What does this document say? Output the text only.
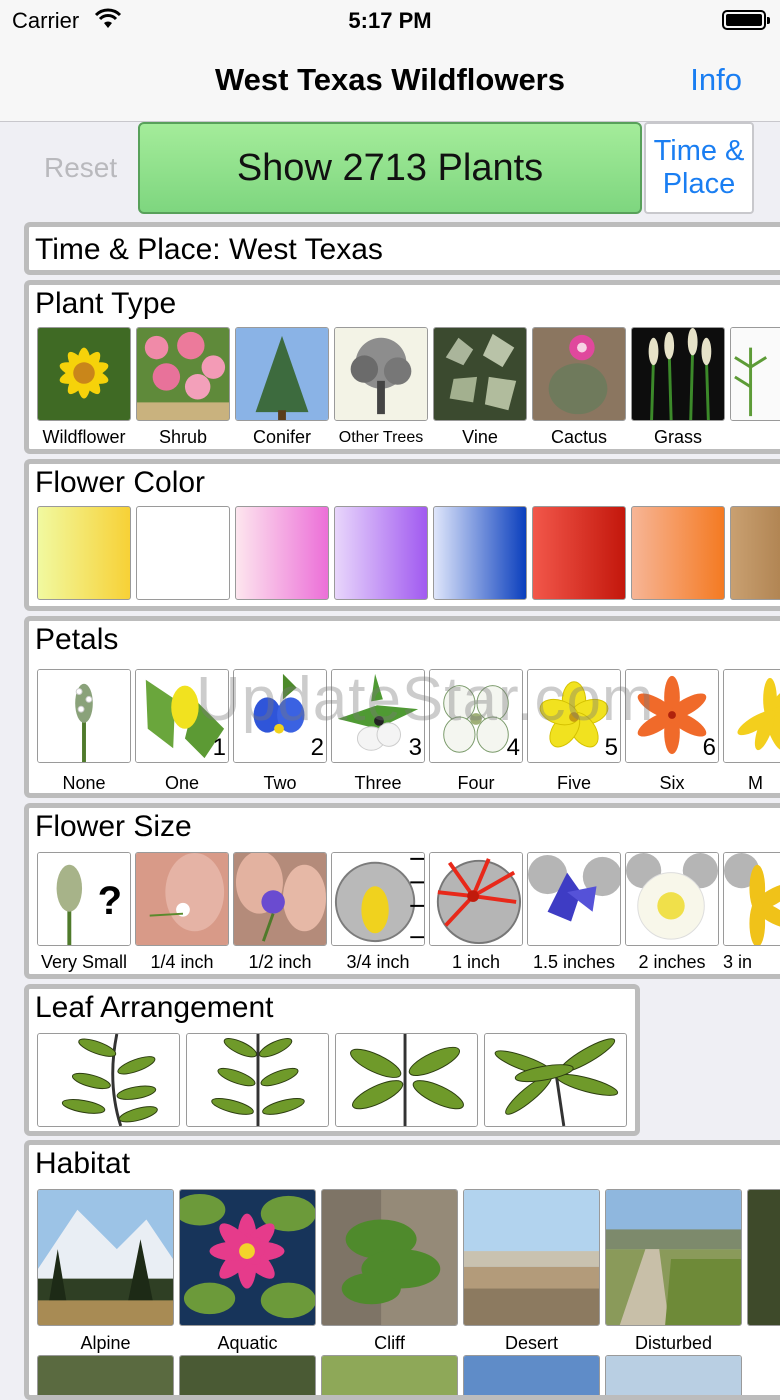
Carrier	5:17 PM
West Texas Wildflowers	Info
Reset	Show 2713 Plants	Time & Place
Time & Place: West Texas
Plant Type
Wildflower	Shrub	Conifer	Other Trees	Vine	Cactus	Grass
Flower Color
Petals
None
1
One
2
Two
3
Three
4
Four
5
Five
6
Six	M
Flower Size
?
Very Small	1/4 inch	1/2 inch	3/4 inch	1 inch	1.5 inches	2 inches 3 in
Leaf Arrangement
Habitat
Alpine	Aquatic	Cliff	Desert	Disturbed
UpdateStar.com
